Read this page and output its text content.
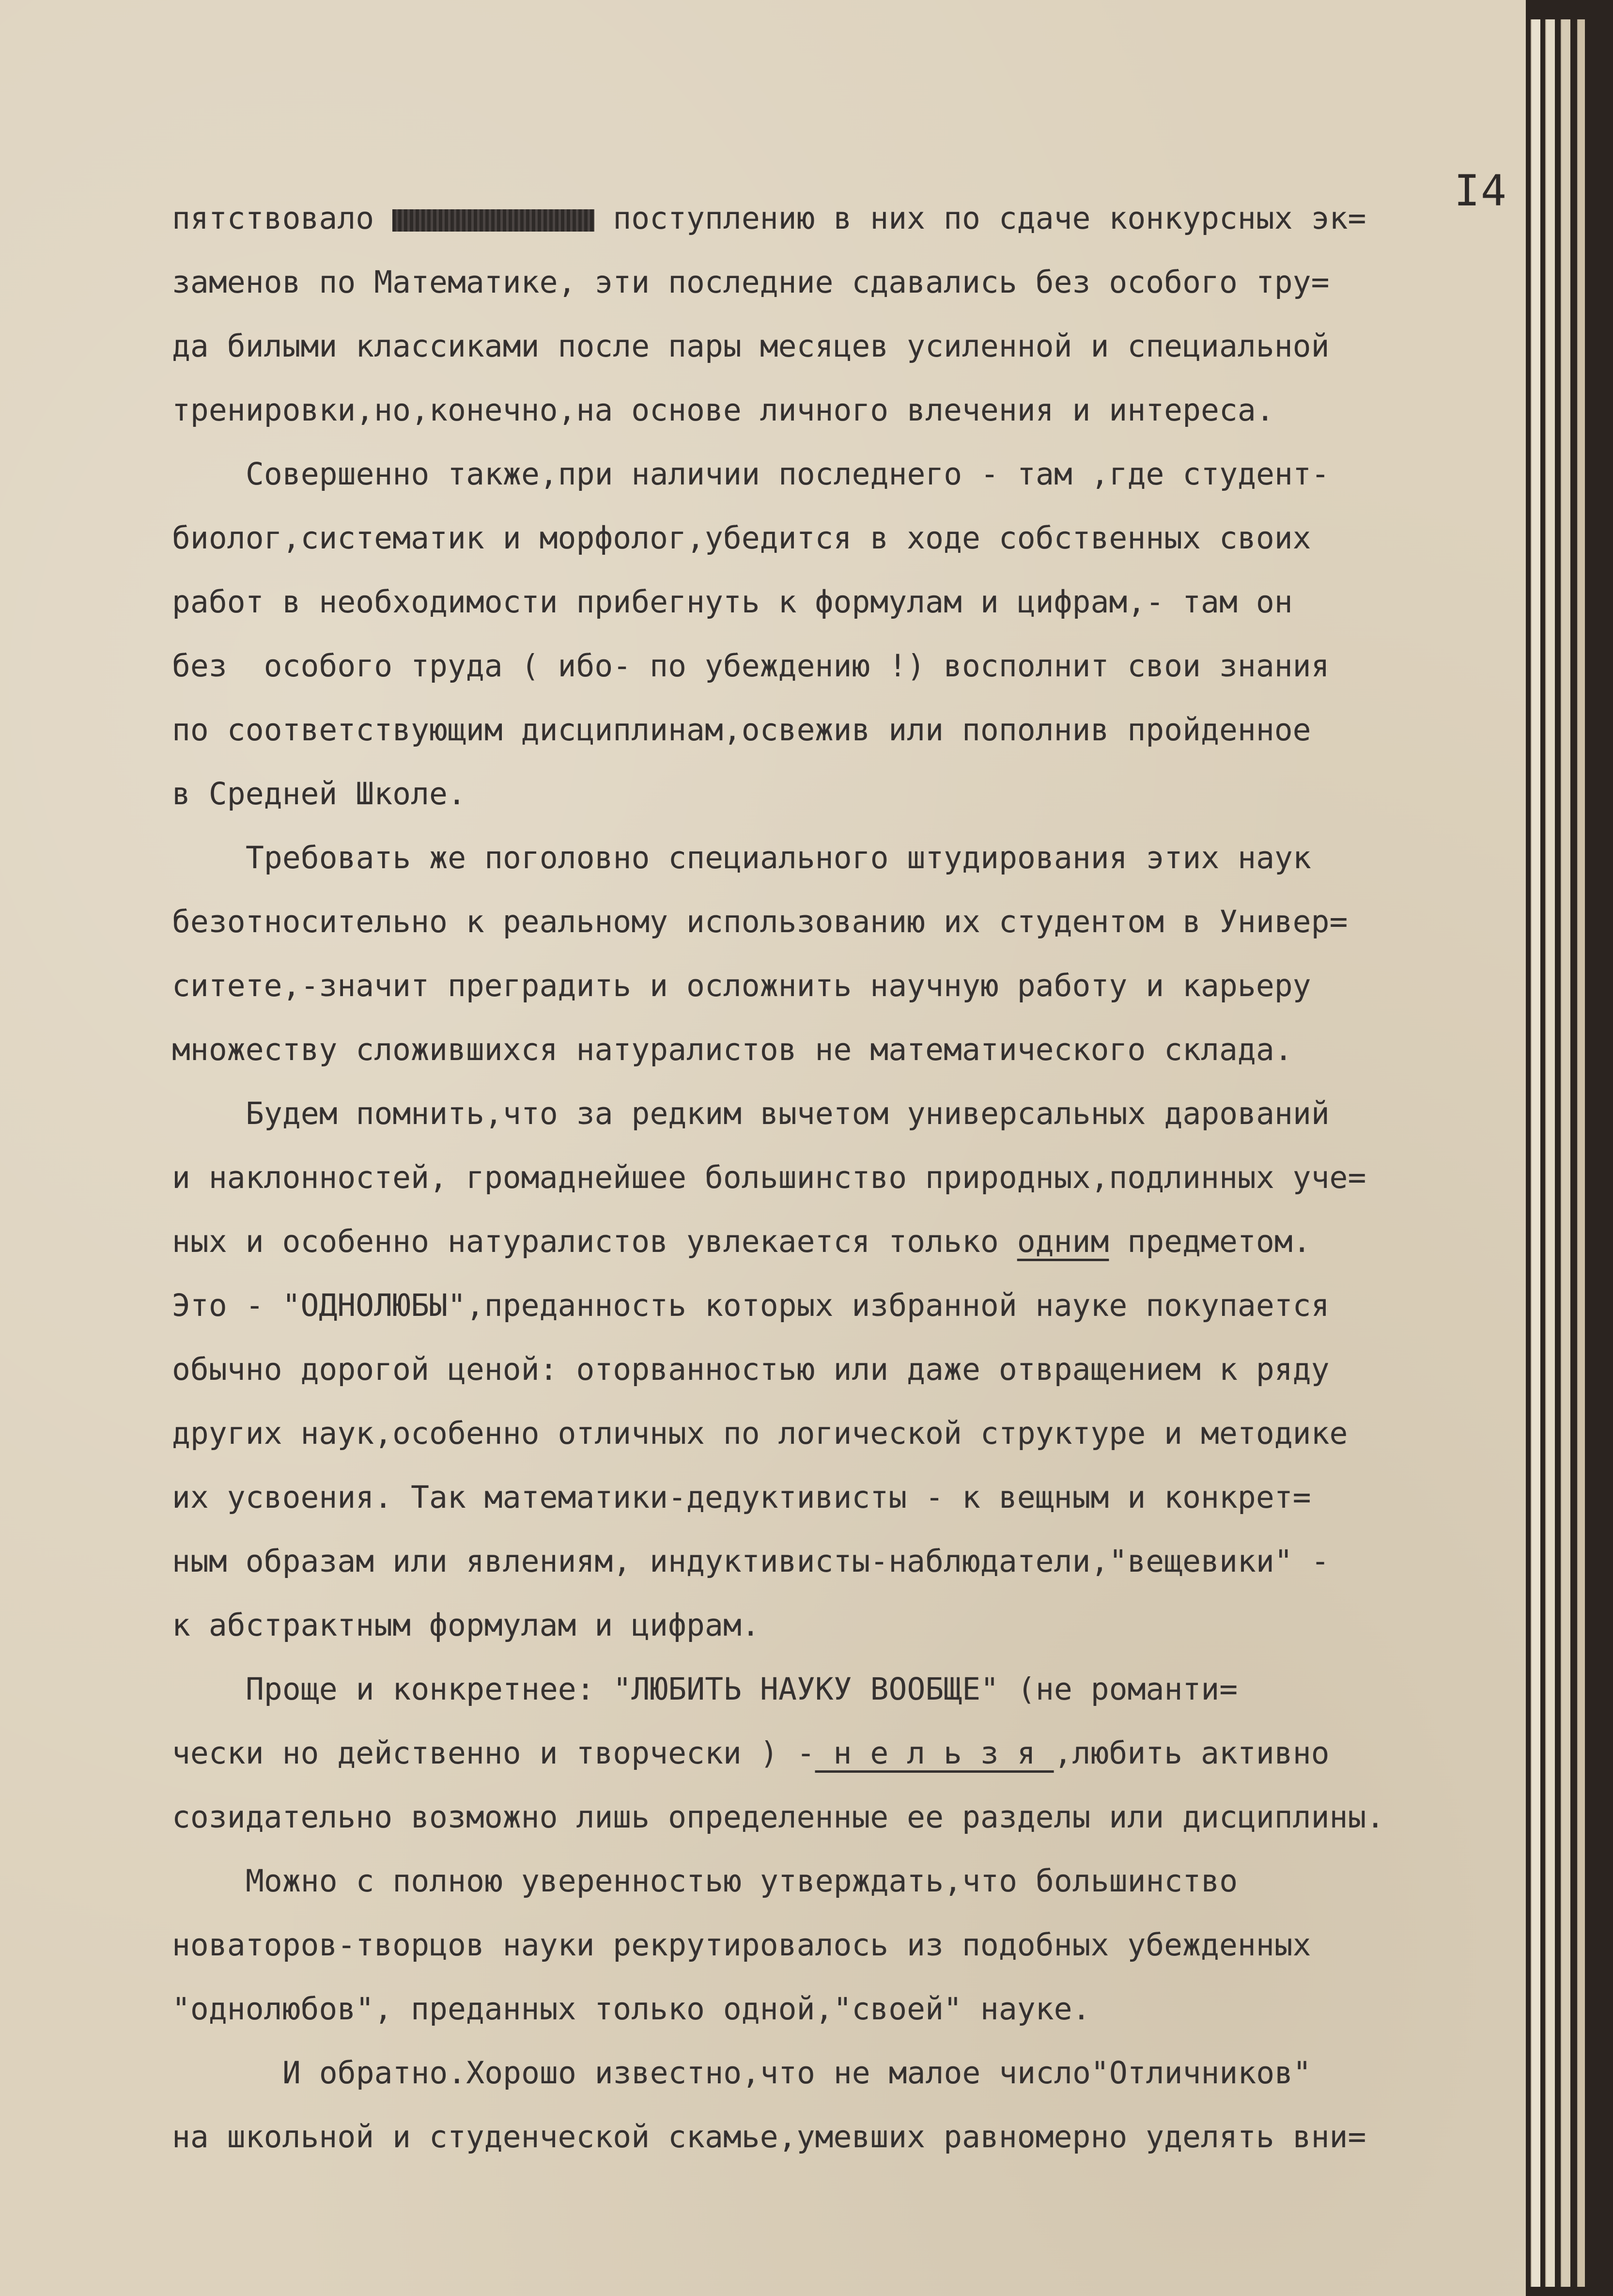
I4
пятствовало	поступлению в них по сдаче конкурсных эк=
заменов по Математике, эти последние сдавались без особого тру=
да билыми классиками после пары месяцев усиленной и специальной
тренировки,но,конечно,на основе личного влечения и интереса.
Совершенно также,при наличии последнего - там ,где студент-
биолог,систематик и морфолог,убедится в ходе собственных своих
работ в необходимости прибегнуть к формулам и цифрам,- там он
без  особого труда ( ибо- по убеждению !) восполнит свои знания
по соответствующим дисциплинам,освежив или пополнив пройденное
в Средней Школе.
Требовать же поголовно специального штудирования этих наук
безотносительно к реальному использованию их студентом в Универ=
ситете,-значит преградить и осложнить научную работу и карьеру
множеству сложившихся натуралистов не математического склада.
Будем помнить,что за редким вычетом универсальных дарований
и наклонностей, громаднейшее большинство природных,подлинных уче=
ных и особенно натуралистов увлекается только одним предметом.
Это - "ОДНОЛЮБЫ",преданность которых избранной науке покупается
обычно дорогой ценой: оторванностью или даже отвращением к ряду
других наук,особенно отличных по логической структуре и методике
их усвоения. Так математики-дедуктивисты - к вещным и конкрет=
ным образам или явлениям, индуктивисты-наблюдатели,"вещевики" -
к абстрактным формулам и цифрам.
Проще и конкретнее: "ЛЮБИТЬ НАУКУ ВООБЩЕ" (не романти=
чески но действенно и творчески ) - н е л ь з я ,любить активно
созидательно возможно лишь определенные ее разделы или дисциплины.
Можно с полною уверенностью утверждать,что большинство
новаторов-творцов науки рекрутировалось из подобных убежденных
"однолюбов", преданных только одной,"своей" науке.
И обратно.Хорошо известно,что не малое число"Отличников"
на школьной и студенческой скамье,умевших равномерно уделять вни=
